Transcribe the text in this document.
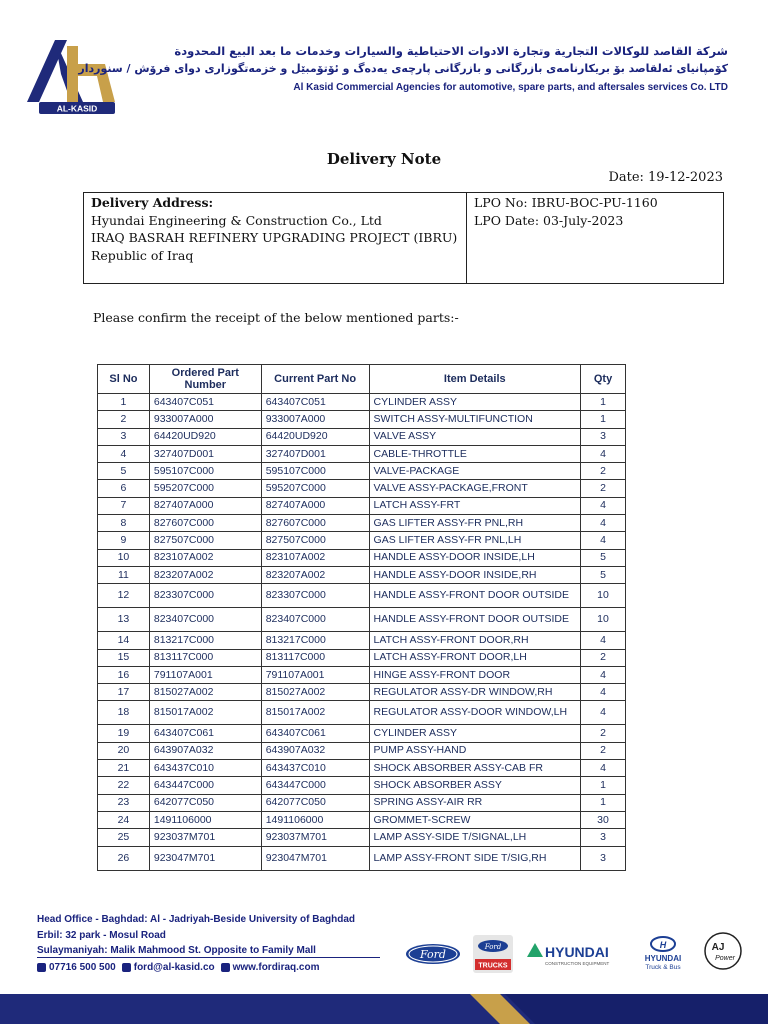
AL-KASID
شركة القاصد للوكالات التجارية وتجارة الادوات الاحتياطية والسيارات وخدمات ما بعد البيع المحدودة
كۆمپانیای ئەلقاصد بۆ بریکارنامەی بازرگانی و بازرگانی پارچەی یەدەگ و ئۆتۆمبێل و خزمەتگوزاری دوای فرۆش / سنوردار
Al Kasid Commercial Agencies for automotive, spare parts, and aftersales services Co. LTD
Delivery Note
Date: 19-12-2023
Delivery Address:
Hyundai Engineering & Construction Co., Ltd
IRAQ BASRAH REFINERY UPGRADING PROJECT (IBRU)
Republic of Iraq
LPO No: IBRU-BOC-PU-1160
LPO Date: 03-July-2023
Please confirm the receipt of the below mentioned parts:-
Sl No	Ordered Part Number	Current Part No	Item Details	Qty
1	643407C051	643407C051	CYLINDER ASSY	1
2	933007A000	933007A000	SWITCH ASSY-MULTIFUNCTION	1
3	64420UD920	64420UD920	VALVE ASSY	3
4	327407D001	327407D001	CABLE-THROTTLE	4
5	595107C000	595107C000	VALVE-PACKAGE	2
6	595207C000	595207C000	VALVE ASSY-PACKAGE,FRONT	2
7	827407A000	827407A000	LATCH ASSY-FRT	4
8	827607C000	827607C000	GAS LIFTER ASSY-FR PNL,RH	4
9	827507C000	827507C000	GAS LIFTER ASSY-FR PNL,LH	4
10	823107A002	823107A002	HANDLE ASSY-DOOR INSIDE,LH	5
11	823207A002	823207A002	HANDLE ASSY-DOOR INSIDE,RH	5
12	823307C000	823307C000	HANDLE ASSY-FRONT DOOR OUTSIDE	10
13	823407C000	823407C000	HANDLE ASSY-FRONT DOOR OUTSIDE	10
14	813217C000	813217C000	LATCH ASSY-FRONT DOOR,RH	4
15	813117C000	813117C000	LATCH ASSY-FRONT DOOR,LH	2
16	791107A001	791107A001	HINGE ASSY-FRONT DOOR	4
17	815027A002	815027A002	REGULATOR ASSY-DR WINDOW,RH	4
18	815017A002	815017A002	REGULATOR ASSY-DOOR WINDOW,LH	4
19	643407C061	643407C061	CYLINDER ASSY	2
20	643907A032	643907A032	PUMP ASSY-HAND	2
21	643437C010	643437C010	SHOCK ABSORBER ASSY-CAB FR	4
22	643447C000	643447C000	SHOCK ABSORBER ASSY	1
23	642077C050	642077C050	SPRING ASSY-AIR RR	1
24	1491106000	1491106000	GROMMET-SCREW	30
25	923037M701	923037M701	LAMP ASSY-SIDE T/SIGNAL,LH	3
26	923047M701	923047M701	LAMP ASSY-FRONT SIDE T/SIG,RH	3
Head Office - Baghdad: Al - Jadriyah-Beside University of Baghdad
Erbil: 32 park - Mosul Road
Sulaymaniyah: Malik Mahmood St. Opposite to Family Mall
07716 500 500 ford@al-kasid.co www.fordiraq.com
Ford
Ford
TRUCKS
HYUNDAI
CONSTRUCTION EQUIPMENT
H
HYUNDAI
Truck & Bus
AJ
Power
